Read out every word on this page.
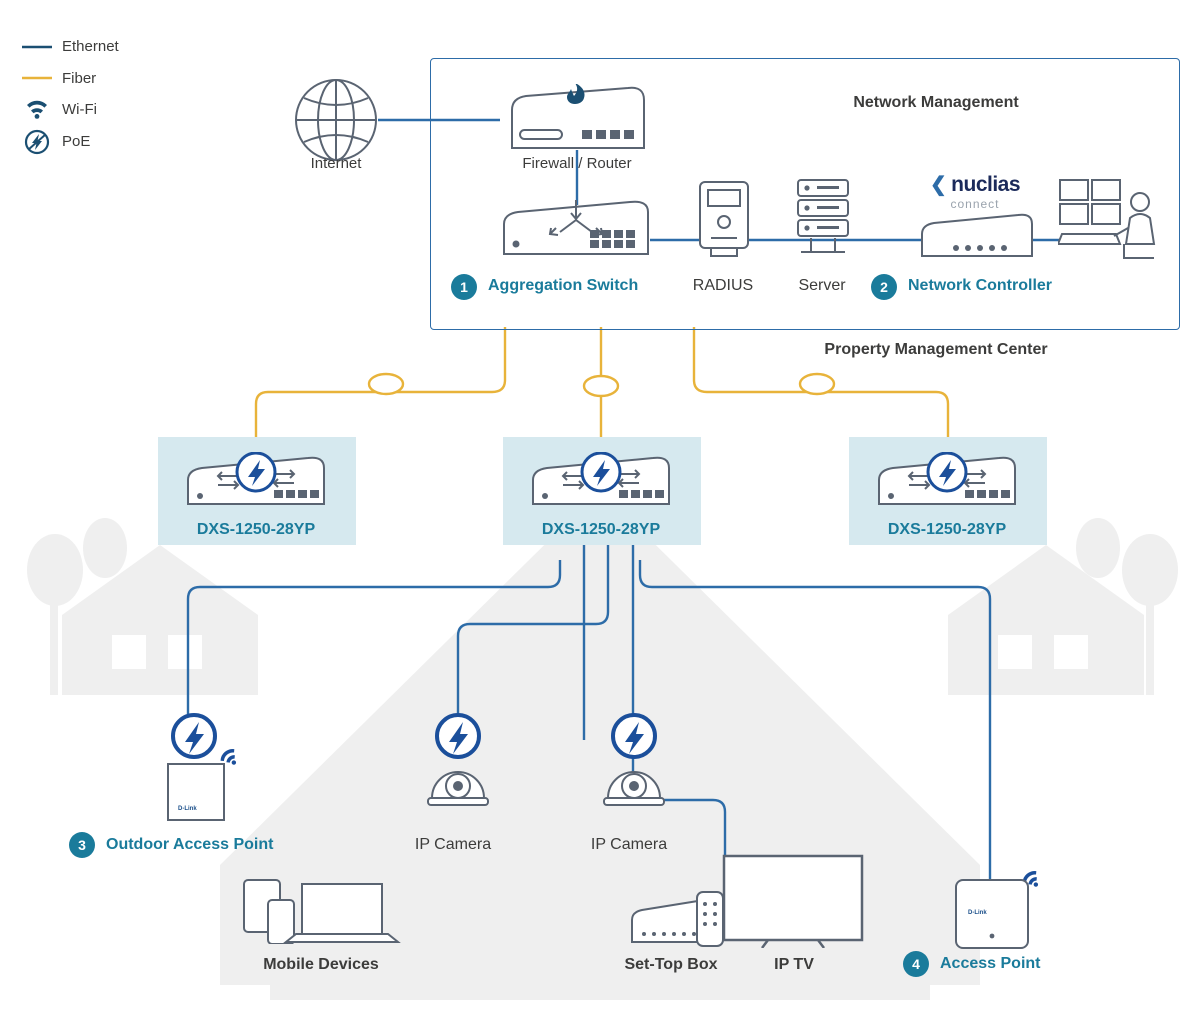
Ethernet
Fiber
Wi-Fi
PoE
Network Management
Property Management Center
Internet	Firewall / Router
1	Aggregation Switch	RADIUS	Server
❮ nuclias
connect
2	Network Controller
DXS-1250-28YP	DXS-1250-28YP	DXS-1250-28YP
D-Link
3	Outdoor Access Point	IP Camera	IP Camera
Mobile Devices	Set-Top Box	IP TV
D-Link
4	Access Point
